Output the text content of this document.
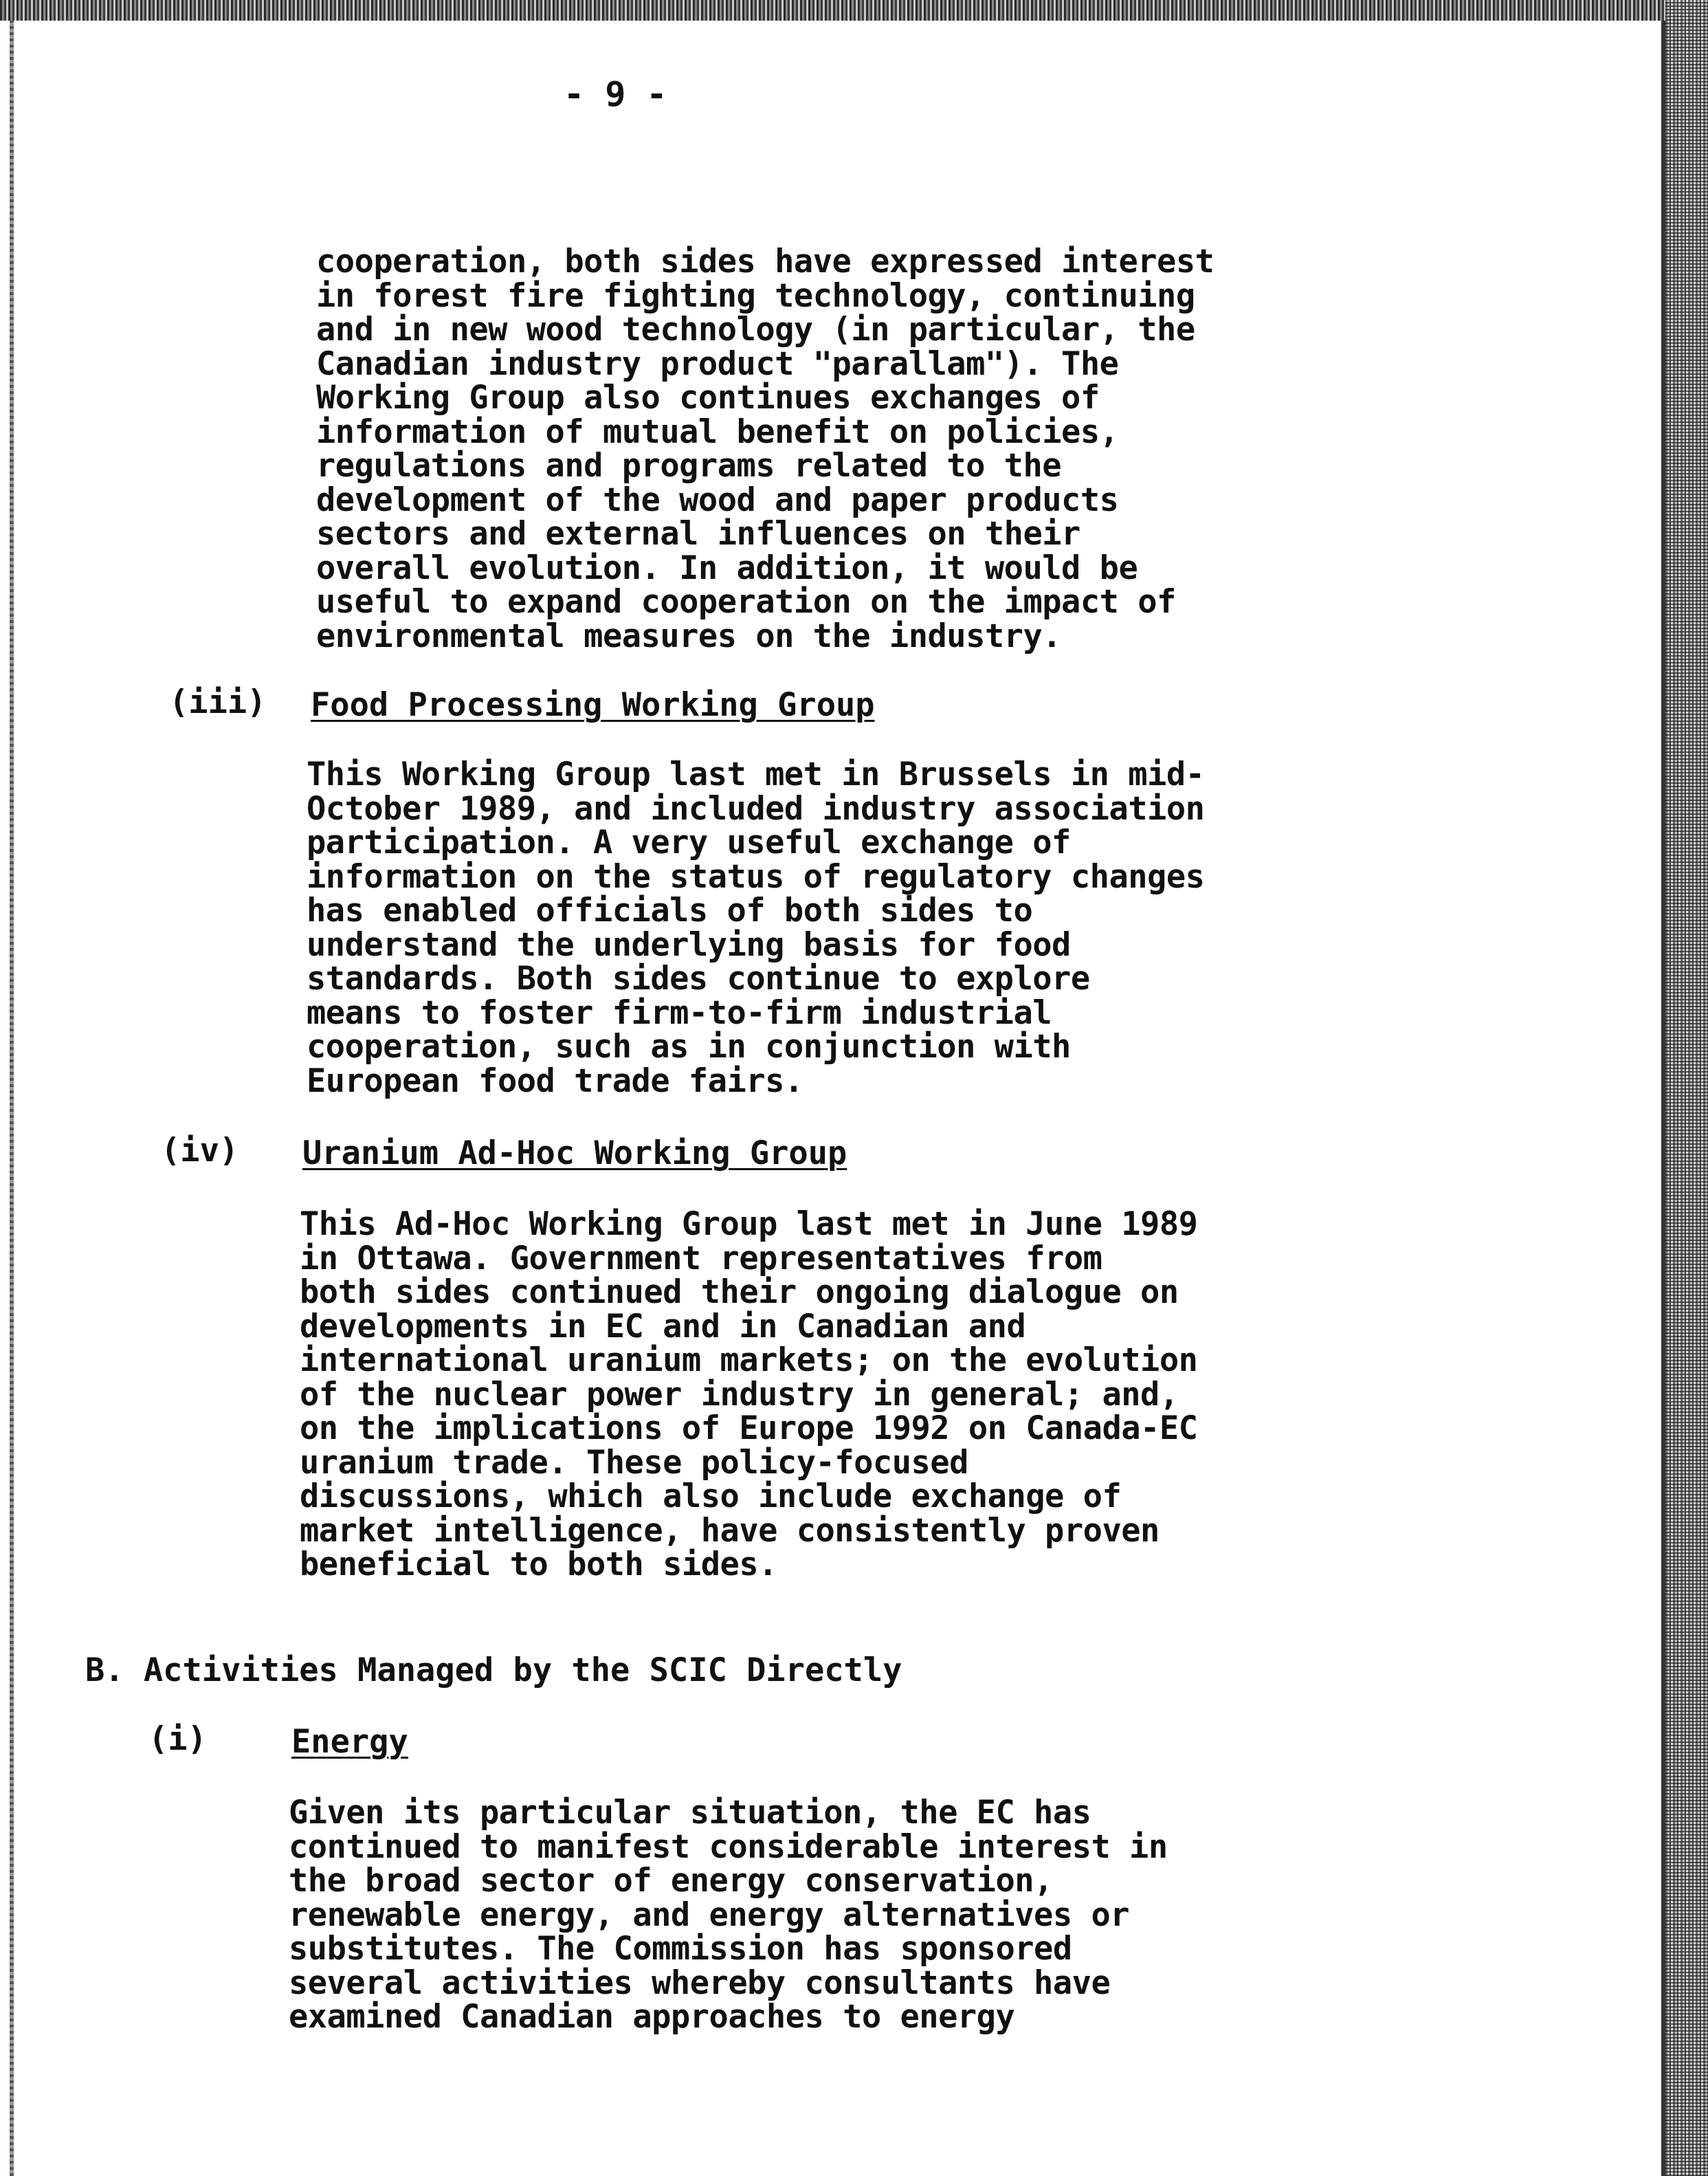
- 9 -

cooperation, both sides have expressed interest
in forest fire fighting technology, continuing
and in new wood technology (in particular, the
Canadian industry product "parallam"). The
Working Group also continues exchanges of
information of mutual benefit on policies,
regulations and programs related to the
development of the wood and paper products
sectors and external influences on their
overall evolution. In addition, it would be
useful to expand cooperation on the impact of
environmental measures on the industry.

(iii) Food Processing Working Group

This Working Group last met in Brussels in mid-
October 1989, and included industry association
participation. A very useful exchange of
information on the status of regulatory changes
has enabled officials of both sides to
understand the underlying basis for food
standards. Both sides continue to explore
means to foster firm-to-firm industrial
cooperation, such as in conjunction with
European food trade fairs.

(iv) Uranium Ad-Hoc Working Group

This Ad-Hoc Working Group last met in June 1989
in Ottawa. Government representatives from
both sides continued their ongoing dialogue on
developments in EC and in Canadian and
international uranium markets; on the evolution
of the nuclear power industry in general; and,
on the implications of Europe 1992 on Canada-EC
uranium trade. These policy-focused
discussions, which also include exchange of
market intelligence, have consistently proven
beneficial to both sides.

B. Activities Managed by the SCIC Directly

(i)	Energy

Given its particular situation, the EC has
continued to manifest considerable interest in
the broad sector of energy conservation,
renewable energy, and energy alternatives or
substitutes. The Commission has sponsored
several activities whereby consultants have
examined Canadian approaches to energy
